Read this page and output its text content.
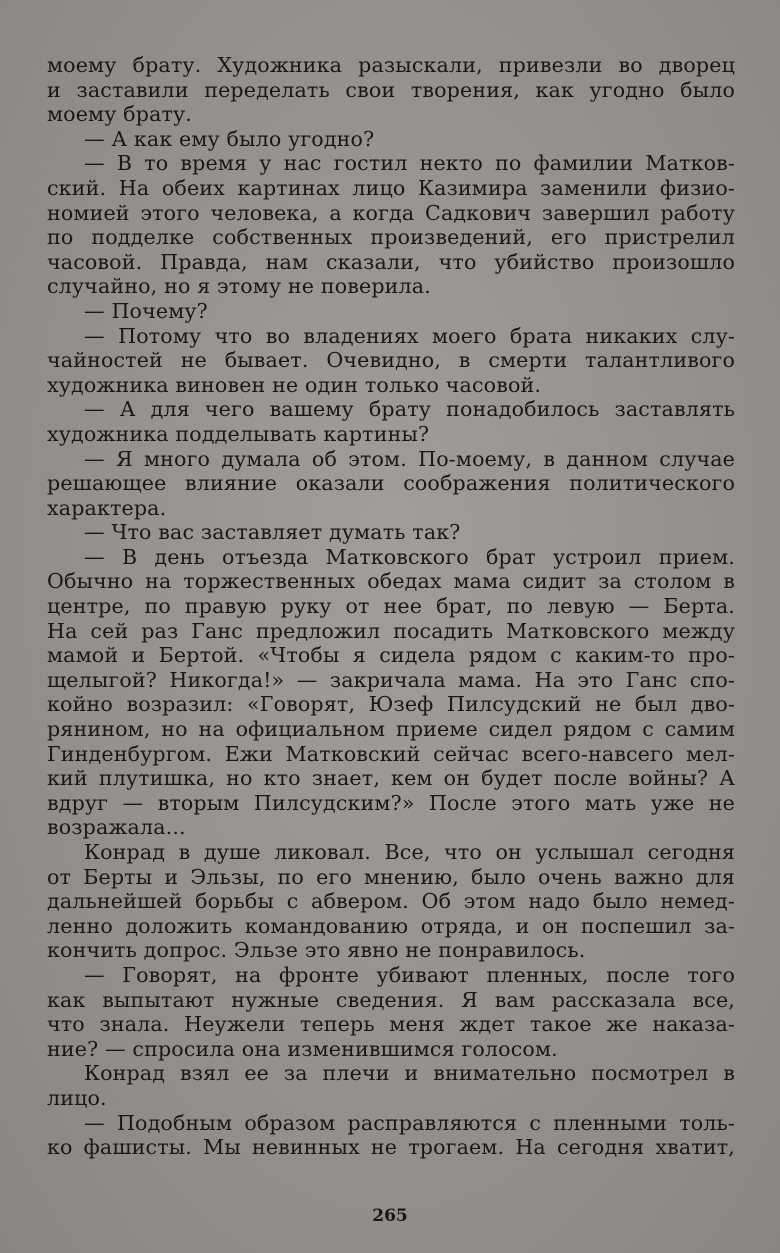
моему брату. Художника разыскали, привезли во дворец
и заставили переделать свои творения, как угодно было
моему брату.
— А как ему было угодно?
— В то время у нас гостил некто по фамилии Матков-
ский. На обеих картинах лицо Казимира заменили физио-
номией этого человека, а когда Садкович завершил работу
по подделке собственных произведений, его пристрелил
часовой. Правда, нам сказали, что убийство произошло
случайно, но я этому не поверила.
— Почему?
— Потому что во владениях моего брата никаких слу-
чайностей не бывает. Очевидно, в смерти талантливого
художника виновен не один только часовой.
— А для чего вашему брату понадобилось заставлять
художника подделывать картины?
— Я много думала об этом. По-моему, в данном случае
решающее влияние оказали соображения политического
характера.
— Что вас заставляет думать так?
— В день отъезда Матковского брат устроил прием.
Обычно на торжественных обедах мама сидит за столом в
центре, по правую руку от нее брат, по левую — Берта.
На сей раз Ганс предложил посадить Матковского между
мамой и Бертой. «Чтобы я сидела рядом с каким-то про-
щелыгой? Никогда!» — закричала мама. На это Ганс спо-
койно возразил: «Говорят, Юзеф Пилсудский не был дво-
рянином, но на официальном приеме сидел рядом с самим
Гинденбургом. Ежи Матковский сейчас всего-навсего мел-
кий плутишка, но кто знает, кем он будет после войны? А
вдруг — вторым Пилсудским?» После этого мать уже не
возражала...
Конрад в душе ликовал. Все, что он услышал сегодня
от Берты и Эльзы, по его мнению, было очень важно для
дальнейшей борьбы с абвером. Об этом надо было немед-
ленно доложить командованию отряда, и он поспешил за-
кончить допрос. Эльзе это явно не понравилось.
— Говорят, на фронте убивают пленных, после того
как выпытают нужные сведения. Я вам рассказала все,
что знала. Неужели теперь меня ждет такое же наказа-
ние? — спросила она изменившимся голосом.
Конрад взял ее за плечи и внимательно посмотрел в
лицо.
— Подобным образом расправляются с пленными толь-
ко фашисты. Мы невинных не трогаем. На сегодня хватит,
265
